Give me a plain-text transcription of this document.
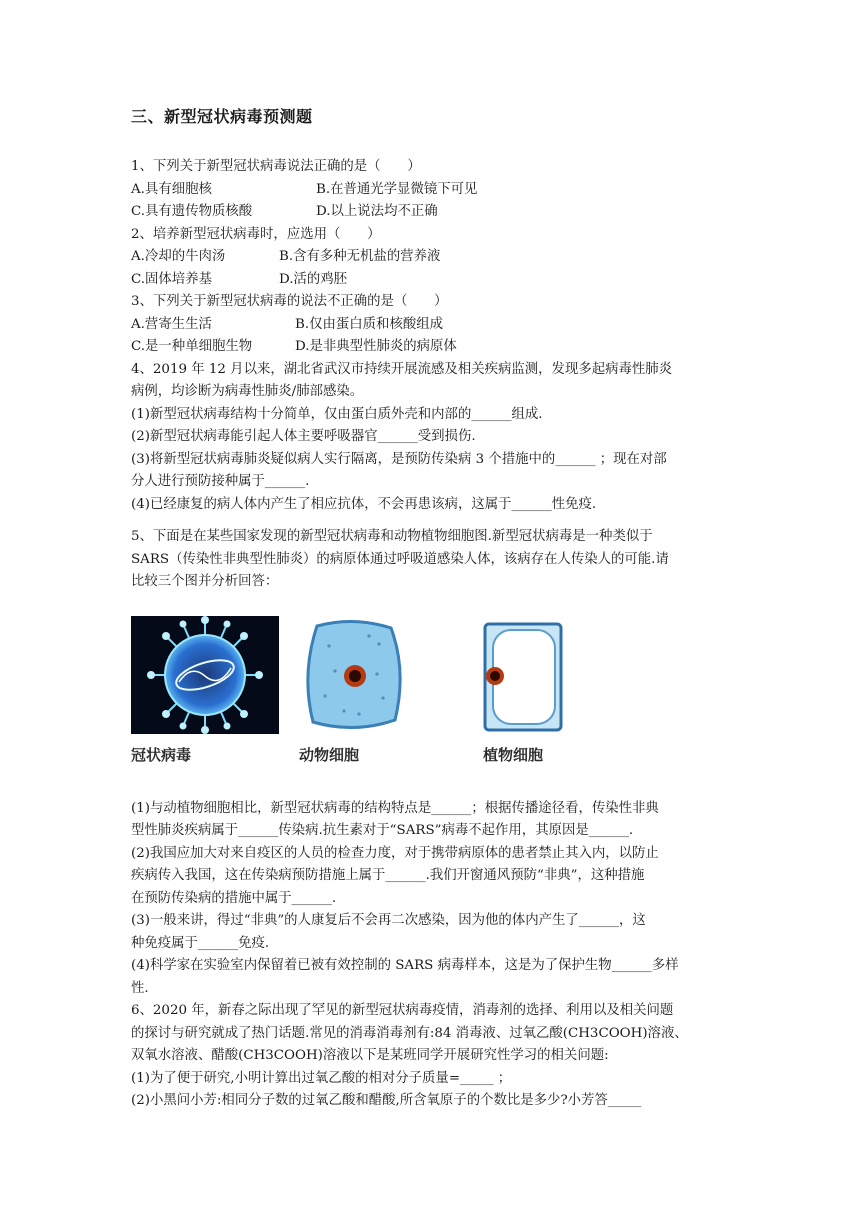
三、新型冠状病毒预测题
1、下列关于新型冠状病毒说法正确的是（　　）
A.具有细胞核	B.在普通光学显微镜下可见
C.具有遗传物质核酸	D.以上说法均不正确
2、培养新型冠状病毒时，应选用（　　）
A.冷却的牛肉汤	B.含有多种无机盐的营养液
C.固体培养基	D.活的鸡胚
3、下列关于新型冠状病毒的说法不正确的是（　　）
A.营寄生生活	B.仅由蛋白质和核酸组成
C.是一种单细胞生物	D.是非典型性肺炎的病原体
4、2019 年 12 月以来，湖北省武汉市持续开展流感及相关疾病监测，发现多起病毒性肺炎
病例，均诊断为病毒性肺炎/肺部感染。
(1)新型冠状病毒结构十分简单，仅由蛋白质外壳和内部的______组成.
(2)新型冠状病毒能引起人体主要呼吸器官______受到损伤.
(3)将新型冠状病毒肺炎疑似病人实行隔离，是预防传染病 3 个措施中的______ ；现在对部
分人进行预防接种属于______.
(4)已经康复的病人体内产生了相应抗体，不会再患该病，这属于______性免疫.
5、下面是在某些国家发现的新型冠状病毒和动物植物细胞图.新型冠状病毒是一种类似于
SARS（传染性非典型性肺炎）的病原体通过呼吸道感染人体，该病存在人传染人的可能.请
比较三个图并分析回答：
冠状病毒	动物细胞	植物细胞
(1)与动植物细胞相比，新型冠状病毒的结构特点是______；根据传播途径看，传染性非典
型性肺炎疾病属于______传染病.抗生素对于“SARS”病毒不起作用，其原因是______.
(2)我国应加大对来自疫区的人员的检查力度，对于携带病原体的患者禁止其入内，以防止
疾病传入我国，这在传染病预防措施上属于______.我们开窗通风预防“非典”，这种措施
在预防传染病的措施中属于______.
(3)一般来讲，得过“非典”的人康复后不会再二次感染，因为他的体内产生了______，这
种免疫属于______免疫.
(4)科学家在实验室内保留着已被有效控制的 SARS 病毒样本，这是为了保护生物______多样
性.
6、2020 年，新春之际出现了罕见的新型冠状病毒疫情，消毒剂的选择、利用以及相关问题
的探讨与研究就成了热门话题.常见的消毒消毒剂有:84 消毒液、过氧乙酸(CH3COOH)溶液、
双氧水溶液、醋酸(CH3COOH)溶液以下是某班同学开展研究性学习的相关问题:
(1)为了便于研究,小明计算出过氧乙酸的相对分子质量=_____ ；
(2)小黑问小芳:相同分子数的过氧乙酸和醋酸,所含氧原子的个数比是多少?小芳答_____
